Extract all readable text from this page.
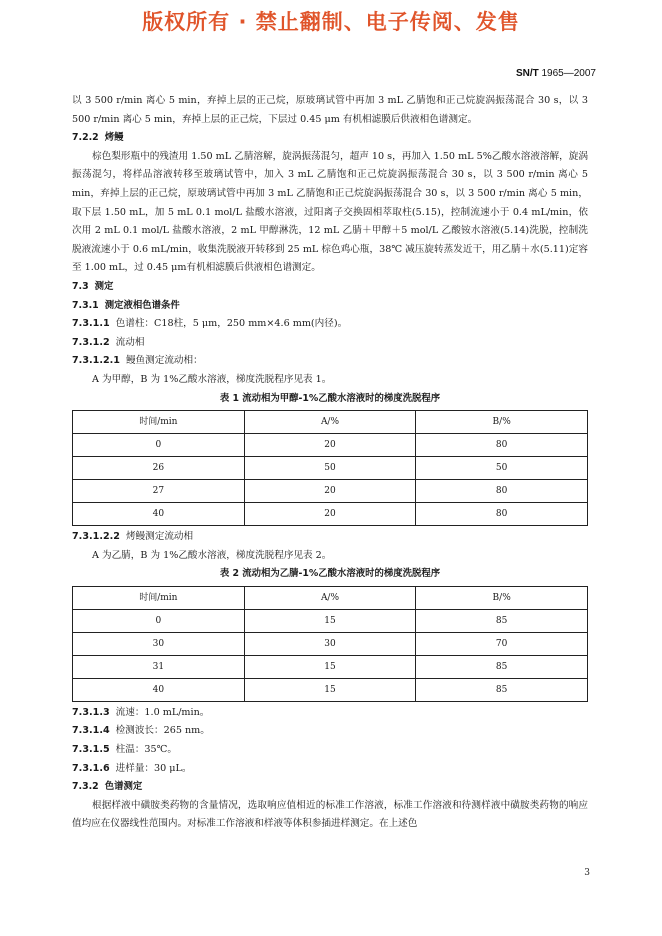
版权所有 · 禁止翻制、电子传阅、发售
SN/T 1965—2007

以 3 500 r/min 离心 5 min，弃掉上层的正己烷，原玻璃试管中再加 3 mL 乙腈饱和正己烷旋涡振荡混合 30 s，以 3 500 r/min 离心 5 min，弃掉上层的正己烷，下层过 0.45 μm 有机相滤膜后供液相色谱测定。

7.2.2 烤鳗

棕色梨形瓶中的残渣用 1.50 mL 乙腈溶解，旋涡振荡混匀，超声 10 s，再加入 1.50 mL 5%乙酸水溶液溶解，旋涡振荡混匀，将样品溶液转移至玻璃试管中，加入 3 mL 乙腈饱和正己烷旋涡振荡混合 30 s，以 3 500 r/min 离心 5 min，弃掉上层的正己烷，原玻璃试管中再加 3 mL 乙腈饱和正己烷旋涡振荡混合 30 s，以 3 500 r/min 离心 5 min，取下层 1.50 mL，加 5 mL 0.1 mol/L 盐酸水溶液，过阳离子交换固相萃取柱(5.15)，控制流速小于 0.4 mL/min，依次用 2 mL 0.1 mol/L 盐酸水溶液，2 mL 甲醇淋洗，12 mL 乙腈＋甲醇＋5 mol/L 乙酸铵水溶液(5.14)洗脱，控制洗脱液流速小于 0.6 mL/min，收集洗脱液开转移到 25 mL 棕色鸡心瓶，38℃ 减压旋转蒸发近干，用乙腈＋水(5.11)定容至 1.00 mL，过 0.45 μm有机相滤膜后供液相色谱测定。

7.3 测定

7.3.1 测定液相色谱条件

7.3.1.1 色谱柱：C18柱，5 μm，250 mm×4.6 mm(内径)。

7.3.1.2 流动相

7.3.1.2.1 鳗鱼测定流动相：

A 为甲醇，B 为 1%乙酸水溶液，梯度洗脱程序见表 1。

表 1 流动相为甲醇-1%乙酸水溶液时的梯度洗脱程序

时间/min	A/%	B/%
0	20	80
26	50	50
27	20	80
40	20	80

7.3.1.2.2 烤鳗测定流动相

A 为乙腈，B 为 1%乙酸水溶液，梯度洗脱程序见表 2。

表 2 流动相为乙腈-1%乙酸水溶液时的梯度洗脱程序

时间/min	A/%	B/%
0	15	85
30	30	70
31	15	85
40	15	85

7.3.1.3 流速：1.0 mL/min。

7.3.1.4 检测波长：265 nm。

7.3.1.5 柱温：35℃。

7.3.1.6 进样量：30 μL。

7.3.2 色谱测定

根据样液中磺胺类药物的含量情况，选取响应值相近的标准工作溶液，标准工作溶液和待测样液中磺胺类药物的响应值均应在仪器线性范围内。对标准工作溶液和样液等体积参插进样测定。在上述色

3
